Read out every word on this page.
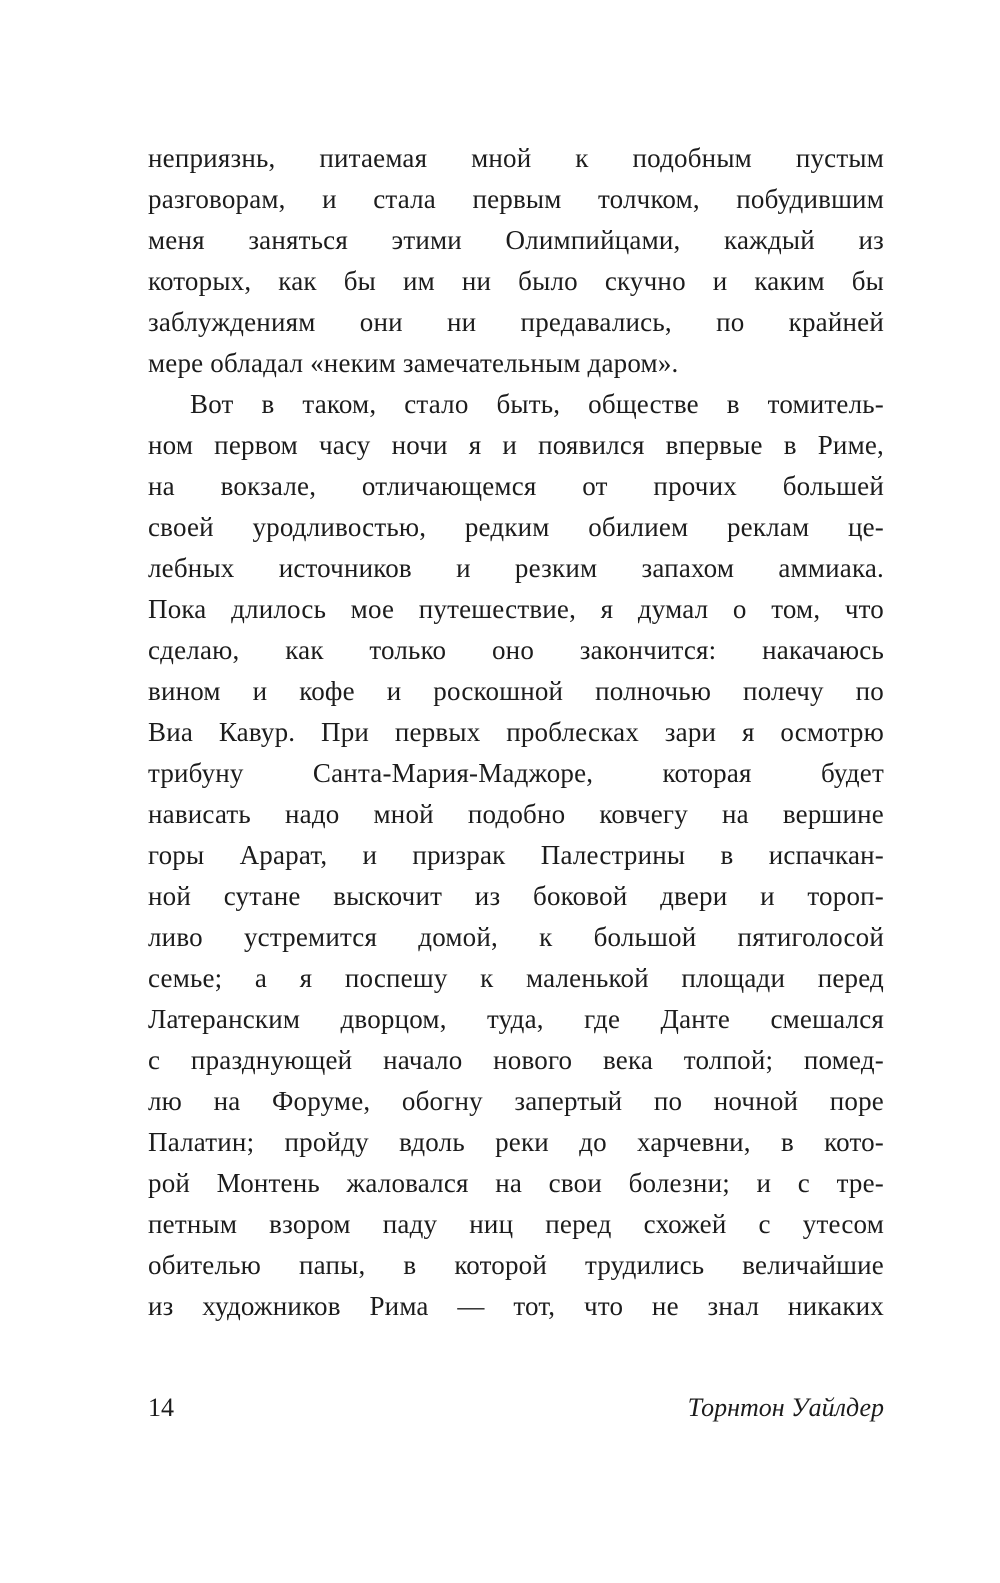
неприязнь, питаемая мной к подобным пустым
разговорам, и стала первым толчком, побудившим
меня заняться этими Олимпийцами, каждый из
которых, как бы им ни было скучно и каким бы
заблуждениям они ни предавались, по крайней
мере обладал «неким замечательным даром».
Вот в таком, стало быть, обществе в томитель-
ном первом часу ночи я и появился впервые в Риме,
на вокзале, отличающемся от прочих большей
своей уродливостью, редким обилием реклам це-
лебных источников и резким запахом аммиака.
Пока длилось мое путешествие, я думал о том, что
сделаю, как только оно закончится: накачаюсь
вином и кофе и роскошной полночью полечу по
Виа Кавур. При первых проблесках зари я осмотрю
трибуну Санта-Мария-Маджоре, которая будет
нависать надо мной подобно ковчегу на вершине
горы Арарат, и призрак Палестрины в испачкан-
ной сутане выскочит из боковой двери и тороп-
ливо устремится домой, к большой пятиголосой
семье; а я поспешу к маленькой площади перед
Латеранским дворцом, туда, где Данте смешался
с празднующей начало нового века толпой; помед-
лю на Форуме, обогну запертый по ночной поре
Палатин; пройду вдоль реки до харчевни, в кото-
рой Монтень жаловался на свои болезни; и с тре-
петным взором паду ниц перед схожей с утесом
обителью папы, в которой трудились величайшие
из художников Рима — тот, что не знал никаких
14	Торнтон Уайлдер
